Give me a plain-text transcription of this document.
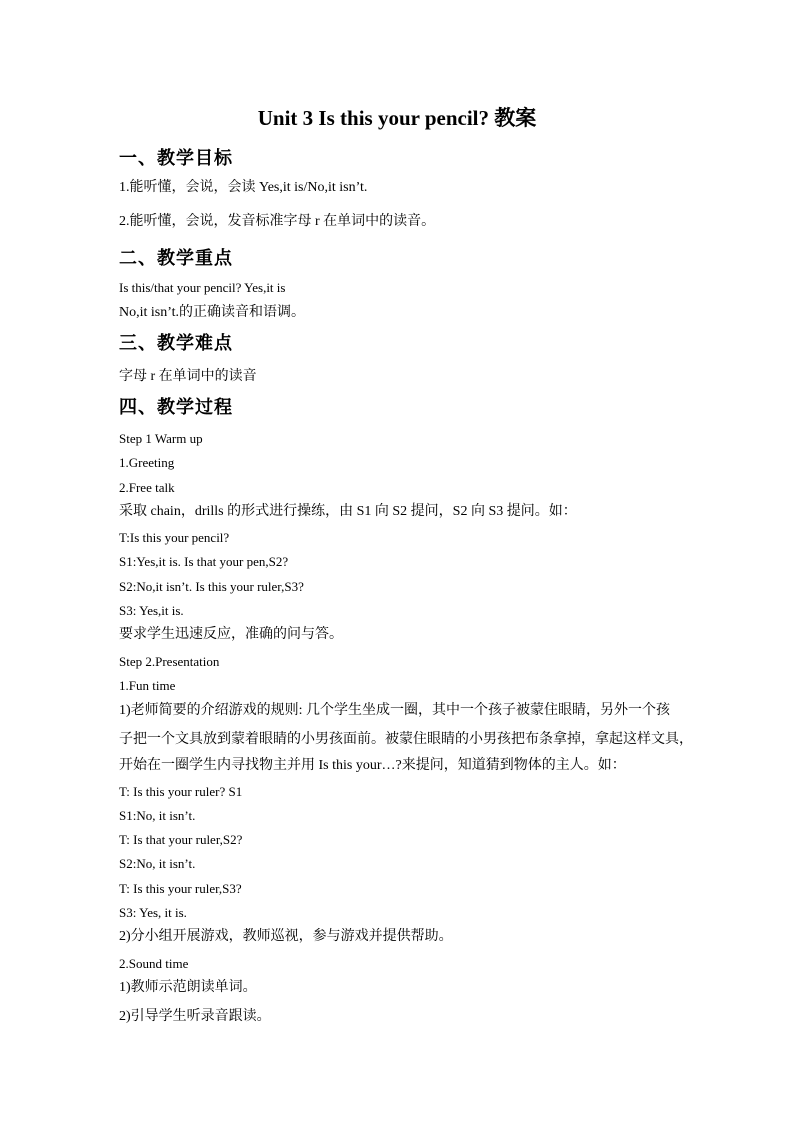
Unit 3 Is this your pencil? 教案
一、教学目标
1.能听懂，会说，会读 Yes,it is/No,it isn’t.
2.能听懂，会说，发音标准字母 r 在单词中的读音。
二、教学重点
Is this/that your pencil? Yes,it is
No,it isn’t.的正确读音和语调。
三、教学难点
字母 r 在单词中的读音
四、教学过程
Step 1 Warm up
1.Greeting
2.Free talk
采取 chain，drills 的形式进行操练，由 S1 向 S2 提问，S2 向 S3 提问。如：
T:Is this your pencil?
S1:Yes,it is. Is that your pen,S2?
S2:No,it isn’t. Is this your ruler,S3?
S3: Yes,it is.
要求学生迅速反应，准确的问与答。
Step 2.Presentation
1.Fun time
1)老师简要的介绍游戏的规则: 几个学生坐成一圈，其中一个孩子被蒙住眼睛，另外一个孩
子把一个文具放到蒙着眼睛的小男孩面前。被蒙住眼睛的小男孩把布条拿掉，拿起这样文具，
开始在一圈学生内寻找物主并用 Is this your…?来提问，知道猜到物体的主人。如：
T: Is this your ruler? S1
S1:No, it isn’t.
T: Is that your ruler,S2?
S2:No, it isn’t.
T: Is this your ruler,S3?
S3: Yes, it is.
2)分小组开展游戏，教师巡视，参与游戏并提供帮助。
2.Sound time
1)教师示范朗读单词。
2)引导学生听录音跟读。
